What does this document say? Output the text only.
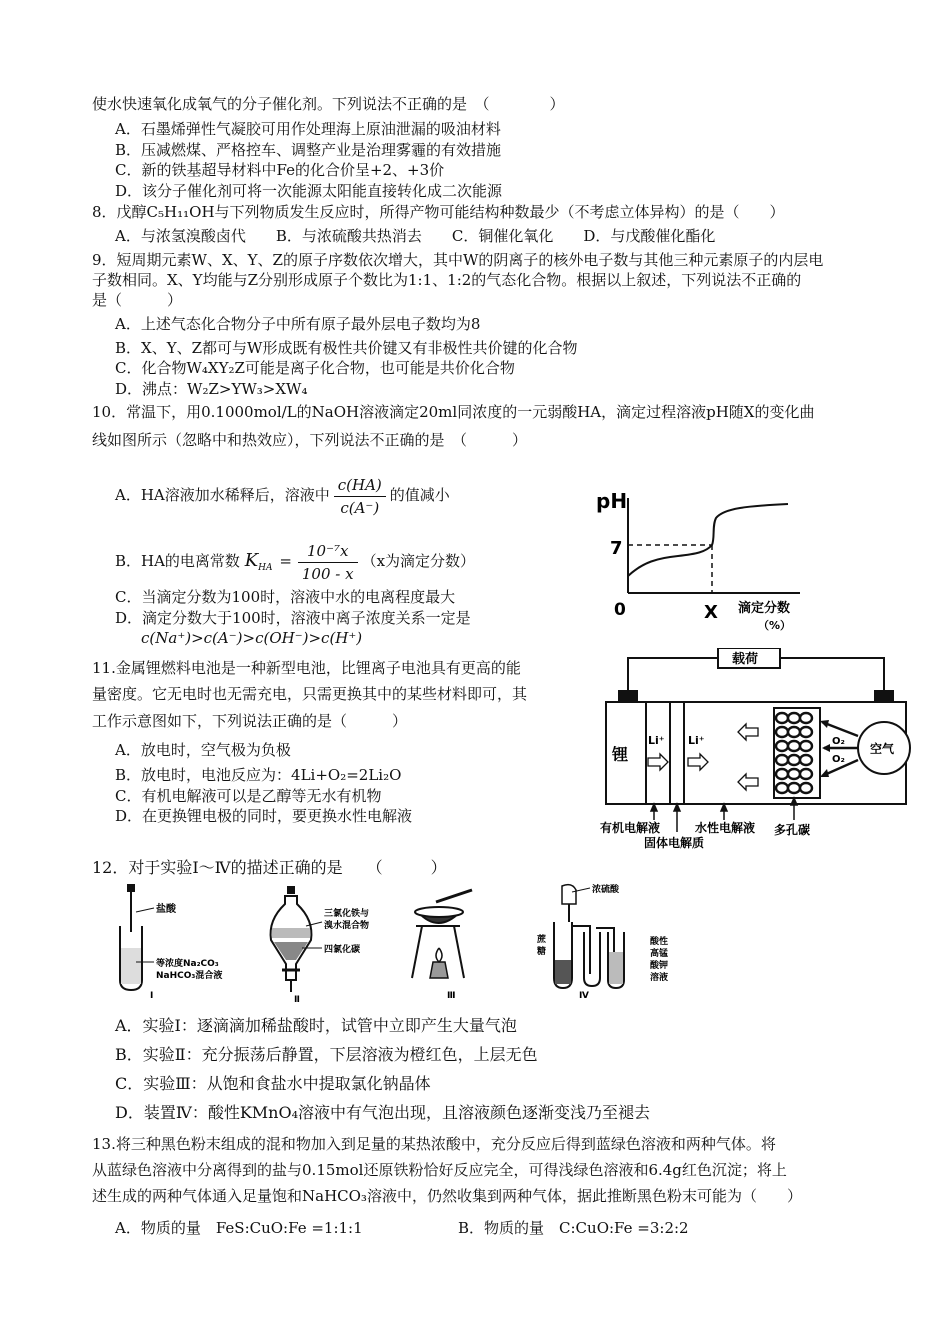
使水快速氧化成氧气的分子催化剂。下列说法不正确的是　（　　　　）
A．石墨烯弹性气凝胶可用作处理海上原油泄漏的吸油材料
B．压减燃煤、严格控车、调整产业是治理雾霾的有效措施
C．新的铁基超导材料中Fe的化合价呈+2、+3价
D．该分子催化剂可将一次能源太阳能直接转化成二次能源
8．戊醇C₅H₁₁OH与下列物质发生反应时，所得产物可能结构种数最少（不考虑立体异构）的是（　　）
A．与浓氢溴酸卤代　　B．与浓硫酸共热消去　　C．铜催化氧化　　D．与戊酸催化酯化
9．短周期元素W、X、Y、Z的原子序数依次增大，其中W的阴离子的核外电子数与其他三种元素原子的内层电
子数相同。X、Y均能与Z分别形成原子个数比为1:1、1:2的气态化合物。根据以上叙述，下列说法不正确的
是（　　　）
A．上述气态化合物分子中所有原子最外层电子数均为8
B．X、Y、Z都可与W形成既有极性共价键又有非极性共价键的化合物
C．化合物W₄XY₂Z可能是离子化合物，也可能是共价化合物
D．沸点：W₂Z>YW₃>XW₄
10．常温下，用0.1000mol/L的NaOH溶液滴定20ml同浓度的一元弱酸HA，滴定过程溶液pH随X的变化曲
线如图所示（忽略中和热效应），下列说法不正确的是　（　　　）
A．HA溶液加水稀释后，溶液中 $\frac{c(HA)}{c(A^-)}$ 的值减小
B．HA的电离常数 $K_{HA} = \frac{\text{10⁻⁷x}}{100 - x} (x$为滴定分数）
C．当滴定分数为100时，溶液中水的电离程度最大
D．滴定分数大于100时，溶液中离子浓度关系一定是
c(Na⁺)>c(A⁻)>c(OH⁻)>c(H⁺)
pH
7
0	X 滴定分数
（%）
11.金属锂燃料电池是一种新型电池，比锂离子电池具有更高的能
量密度。它无电时也无需充电，只需更换其中的某些材料即可，其
工作示意图如下，下列说法正确的是（　　　）
A．放电时，空气极为负极
B．放电时，电池反应为：4Li+O₂=2Li₂O
C．有机电解液可以是乙醇等无水有机物
D．在更换锂电极的同时，要更换水性电解液
载荷
锂
Li⁺ Li⁺
空气
O₂
O₂
有机电解液	水性电解液 多孔碳
固体电解质
12．对于实验Ⅰ～Ⅳ的描述正确的是　　（　　　）
盐酸
等浓度Na₂CO₃
NaHCO₃混合液
Ⅰ
三氯化铁与
溴水混合物
四氯化碳
Ⅱ	Ⅲ
浓硫酸
蔗
糖
酸性
高锰
酸钾
溶液
Ⅳ
A．实验Ⅰ：逐滴滴加稀盐酸时，试管中立即产生大量气泡
B．实验Ⅱ：充分振荡后静置，下层溶液为橙红色，上层无色
C．实验Ⅲ：从饱和食盐水中提取氯化钠晶体
D．装置Ⅳ：酸性KMnO₄溶液中有气泡出现，且溶液颜色逐渐变浅乃至褪去
13.将三种黑色粉末组成的混和物加入到足量的某热浓酸中，充分反应后得到蓝绿色溶液和两种气体。将
从蓝绿色溶液中分离得到的盐与0.15mol还原铁粉恰好反应完全，可得浅绿色溶液和6.4g红色沉淀；将上
述生成的两种气体通入足量饱和NaHCO₃溶液中，仍然收集到两种气体，据此推断黑色粉末可能为（　　）
A．物质的量　FeS:CuO:Fe =1:1:1	B．物质的量　C:CuO:Fe =3:2:2
